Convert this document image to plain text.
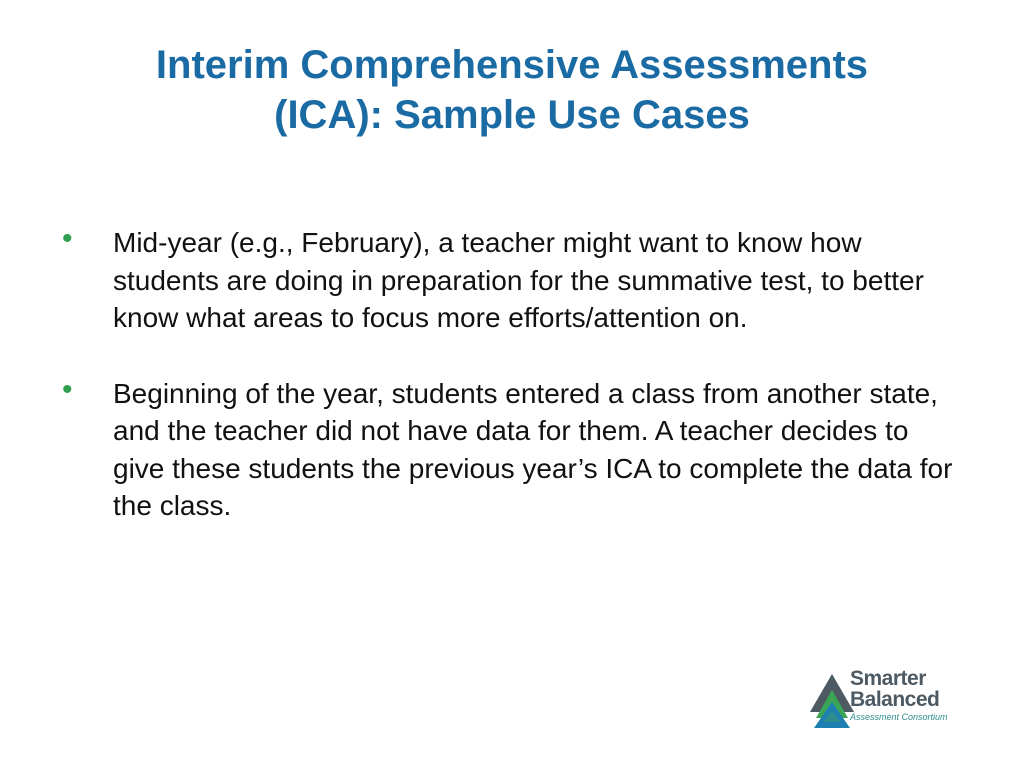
Interim Comprehensive Assessments
(ICA): Sample Use Cases
• Mid-year (e.g., February), a teacher might want to know how students are doing in preparation for the summative test, to better know what areas to focus more efforts/attention on.
• Beginning of the year, students entered a class from another state, and the teacher did not have data for them. A teacher decides to give these students the previous year’s ICA to complete the data for the class.
Smarter
Balanced
Assessment Consortium
